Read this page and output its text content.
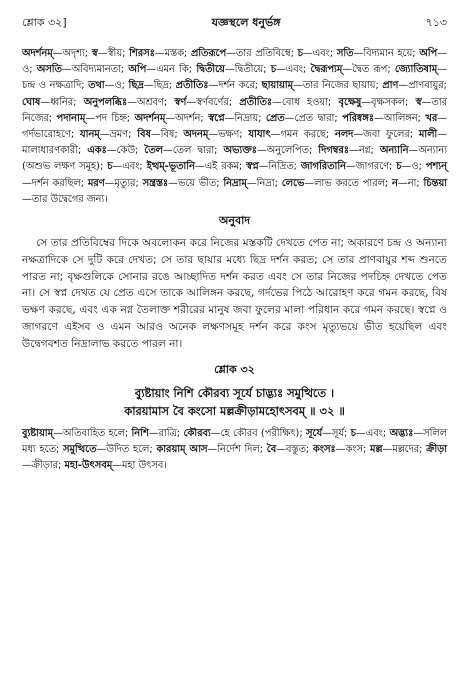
শ্লোক ৩২]	যজ্ঞস্থলে ধনুর্ভঙ্গ	৭১৩

অদর্শনম্—অদৃশ্য; স্ব—স্বীয়; শিরসঃ—মস্তক; প্রতিরূপে—তার প্রতিবিম্বে; চ—এবং; সতি—বিদ্যমান হয়ে; অপি—ও; অসতি—অবিদ্যমানতা; অপি—এমন কি; দ্বিতীয়ে—দ্বিতীয়ে; চ—এবং; দ্বৈরূপ্যম্—দ্বৈত রূপ; জ্যোতিষাম্—চন্দ্র ও নক্ষত্রাদি; তথা—ও; ছিদ্র—ছিদ্র; প্রতীতিঃ—দর্শন করে; ছায়ায়াম্—তার নিজের ছায়ায়; প্রাণ—প্রাণবায়ুর; ঘোষ—ধ্বনির; অনুপলব্ধিঃ—অশ্রবণ; স্বর্ণ—স্বর্ণবর্ণের; প্রতীতিঃ—বোধ হওয়া; বৃক্ষেষু—বৃক্ষসকল; স্ব—তার নিজের; পদানাম্—পদ চিহ্ন; অদর্শনম্—অদর্শন; স্বপ্নে—নিদ্রায়; প্রেত—প্রেত দ্বারা; পরিষ্বঙ্গঃ—আলিঙ্গন; খর—গর্দভারোহণে; যানম্—ভ্রমণ; বিষ—বিষ; অদনম্—ভক্ষণ; যাযাৎ—গমন করছে; নলদ—জবা ফুলের; মালী—মালাধারণকারী; একঃ—কেউ; তৈল—তেল দ্বারা; অভ্যক্তঃ—অনুলেপিত; দিগম্বরঃ—নগ্ন; অন্যানি—অন্যান্য (অশুভ লক্ষণ সমূহ); চ—এবং; ইত্থম্‌-ভূতানি—এই রকম; স্বপ্ন—নিদ্রিত; জাগরিতানি—জাগরণে; চ—ও; পশ্যন্—দর্শন করছিল; মরণ—মৃত্যুর; সন্ত্রস্তঃ—ভয়ে ভীত; নিদ্রাম্—নিদ্রা; লেভে—লাভ করতে পারল; ন—না; চিন্তয়া—তার উদ্বেগের জন্য।

অনুবাদ

সে তার প্রতিবিম্বের দিকে অবলোকন করে নিজের মস্তকটি দেখতে পেত না; অকারণে চন্দ্র ও অন্যান্য নক্ষত্রাদিকে সে দুটি করে দেখত; সে তার ছায়ার মধ্যে ছিদ্র দর্শন করত; সে তার প্রাণবায়ুর শব্দ শুনতে পারত না; বৃক্ষগুলিকে সোনার রঙে আচ্ছাদিত দর্শন করত এবং সে তার নিজের পদচিহ্ন দেখতে পেত না। সে স্বপ্ন দেখত যে প্রেত এসে তাকে আলিঙ্গন করছে, গর্দভের পিঠে আরোহণ করে গমন করছে, বিষ ভক্ষণ করছে, এবং এক নগ্ন তৈলাক্ত শরীরের মানুষ জবা ফুলের মালা পরিধান করে গমন করছে। স্বপ্নে ও জাগরণে এইসব ও এমন আরও অনেক লক্ষণসমূহ দর্শন করে কংস মৃত্যুভয়ে ভীত হয়েছিল এবং উদ্বেগবশত নিদ্রালাভ করতে পারল না।

শ্লোক ৩২

ব্যুষ্টায়াং নিশি কৌরব্য সূর্যে চাদ্ভ্যঃ সমুত্থিতে ।

কারয়ামাস বৈ কংসো মল্লক্রীড়ামহোৎসবম্ ॥ ৩২ ॥

ব্যুষ্টায়াম্—অতিবাহিত হলে; নিশি—রাত্রি; কৌরব্য—হে কৌরব (পরীক্ষিৎ); সূর্যে—সূর্য; চ—এবং; অদ্ভ্যঃ—সলিল মধ্য হতে; সমুত্থিতে—উদিত হলে; কারয়াম্ আস—নির্দেশ দিল; বৈ—বস্তুত; কংসঃ—কংস; মল্ল—মল্লদের; ক্রীড়া—ক্রীড়ার; মহা-উৎসবম্—মহা উৎসব।
